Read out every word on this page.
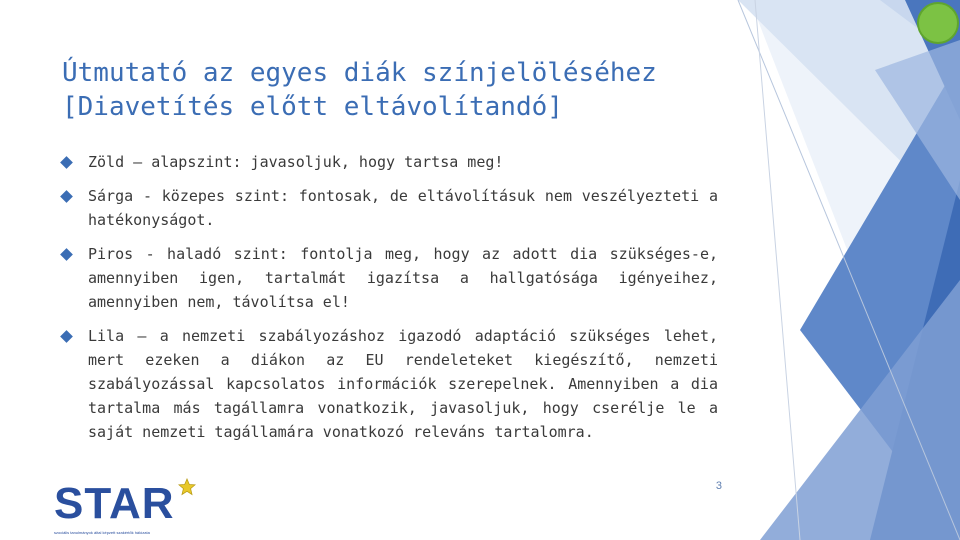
Útmutató az egyes diák színjelöléséhez
[Diavetítés előtt eltávolítandó]
Zöld – alapszint: javasoljuk, hogy tartsa meg!
Sárga - közepes szint: fontosak, de eltávolításuk nem veszélyezteti a hatékonyságot.
Piros - haladó szint: fontolja meg, hogy az adott dia szükséges-e, amennyiben igen, tartalmát igazítsa a hallgatósága igényeihez, amennyiben nem, távolítsa el!
Lila – a nemzeti szabályozáshoz igazodó adaptáció szükséges lehet, mert ezeken a diákon az EU rendeleteket kiegészítő, nemzeti szabályozással kapcsolatos információk szerepelnek. Amennyiben a dia tartalma más tagállamra vonatkozik, javasoljuk, hogy cserélje le a saját nemzeti tagállamára vonatkozó releváns tartalomra.
3
STAR
szociális tanulmányok által képzett szakértők hálózata
